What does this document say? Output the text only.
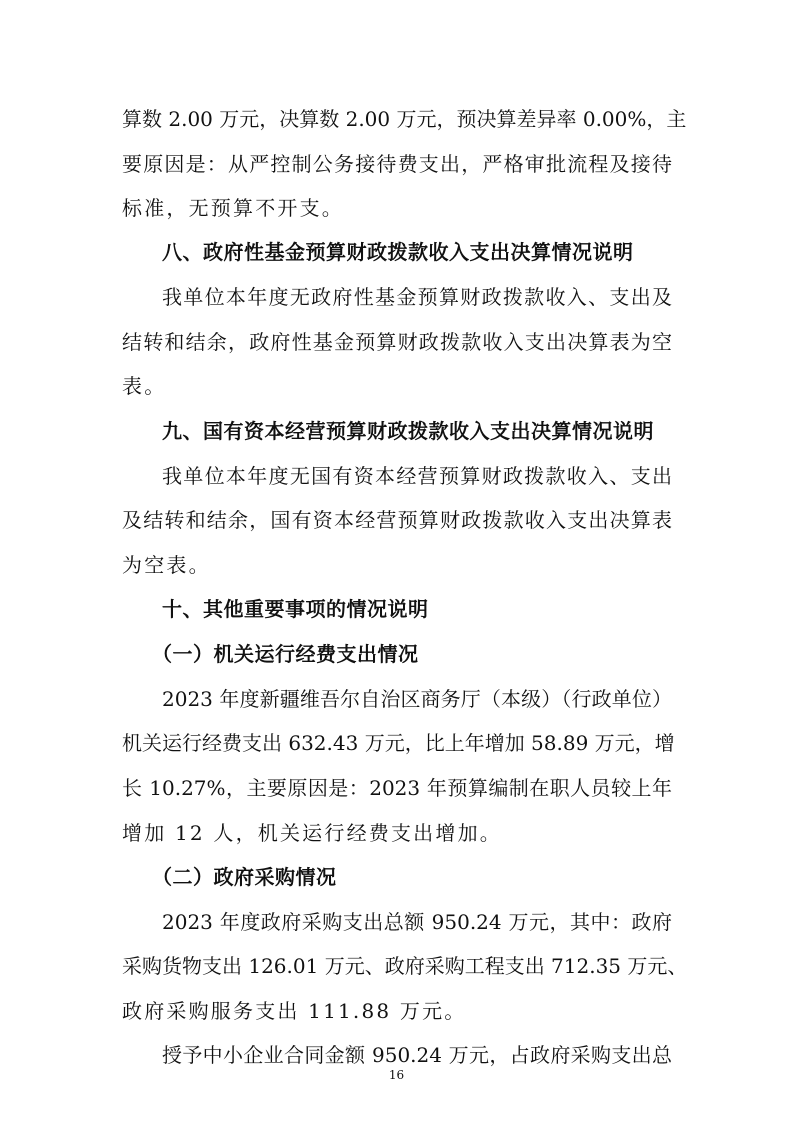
算数 2.00 万元，决算数 2.00 万元，预决算差异率 0.00%，主
要原因是：从严控制公务接待费支出，严格审批流程及接待
标准，无预算不开支。
八、政府性基金预算财政拨款收入支出决算情况说明
我单位本年度无政府性基金预算财政拨款收入、支出及
结转和结余，政府性基金预算财政拨款收入支出决算表为空
表。
九、国有资本经营预算财政拨款收入支出决算情况说明
我单位本年度无国有资本经营预算财政拨款收入、支出
及结转和结余，国有资本经营预算财政拨款收入支出决算表
为空表。
十、其他重要事项的情况说明
（一）机关运行经费支出情况
2023 年度新疆维吾尔自治区商务厅（本级）（行政单位）
机关运行经费支出 632.43 万元，比上年增加 58.89 万元，增
长 10.27%，主要原因是：2023 年预算编制在职人员较上年
增加 12 人，机关运行经费支出增加。
（二）政府采购情况
2023 年度政府采购支出总额 950.24 万元，其中：政府
采购货物支出 126.01 万元、政府采购工程支出 712.35 万元、
政府采购服务支出 111.88 万元。
16
授予中小企业合同金额 950.24 万元，占政府采购支出总
